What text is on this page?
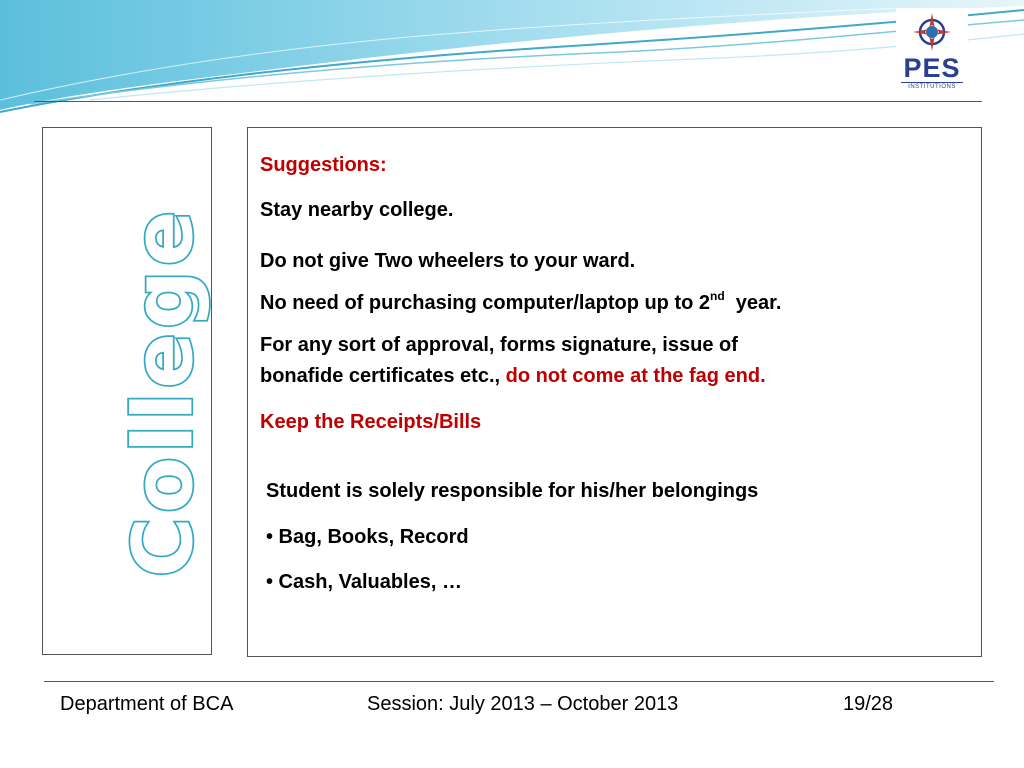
PES
INSTITUTIONS
College

Suggestions:

Stay nearby college.

Do not give Two wheelers to your ward.

No need of purchasing computer/laptop up to 2nd  year.

For any sort of approval, forms signature, issue of

bonafide certificates etc., do not come at the fag end.

Keep the Receipts/Bills

Student is solely responsible for his/her belongings

• Bag, Books, Record

• Cash, Valuables, …

Department of BCA	Session: July 2013 – October 2013	19/28
